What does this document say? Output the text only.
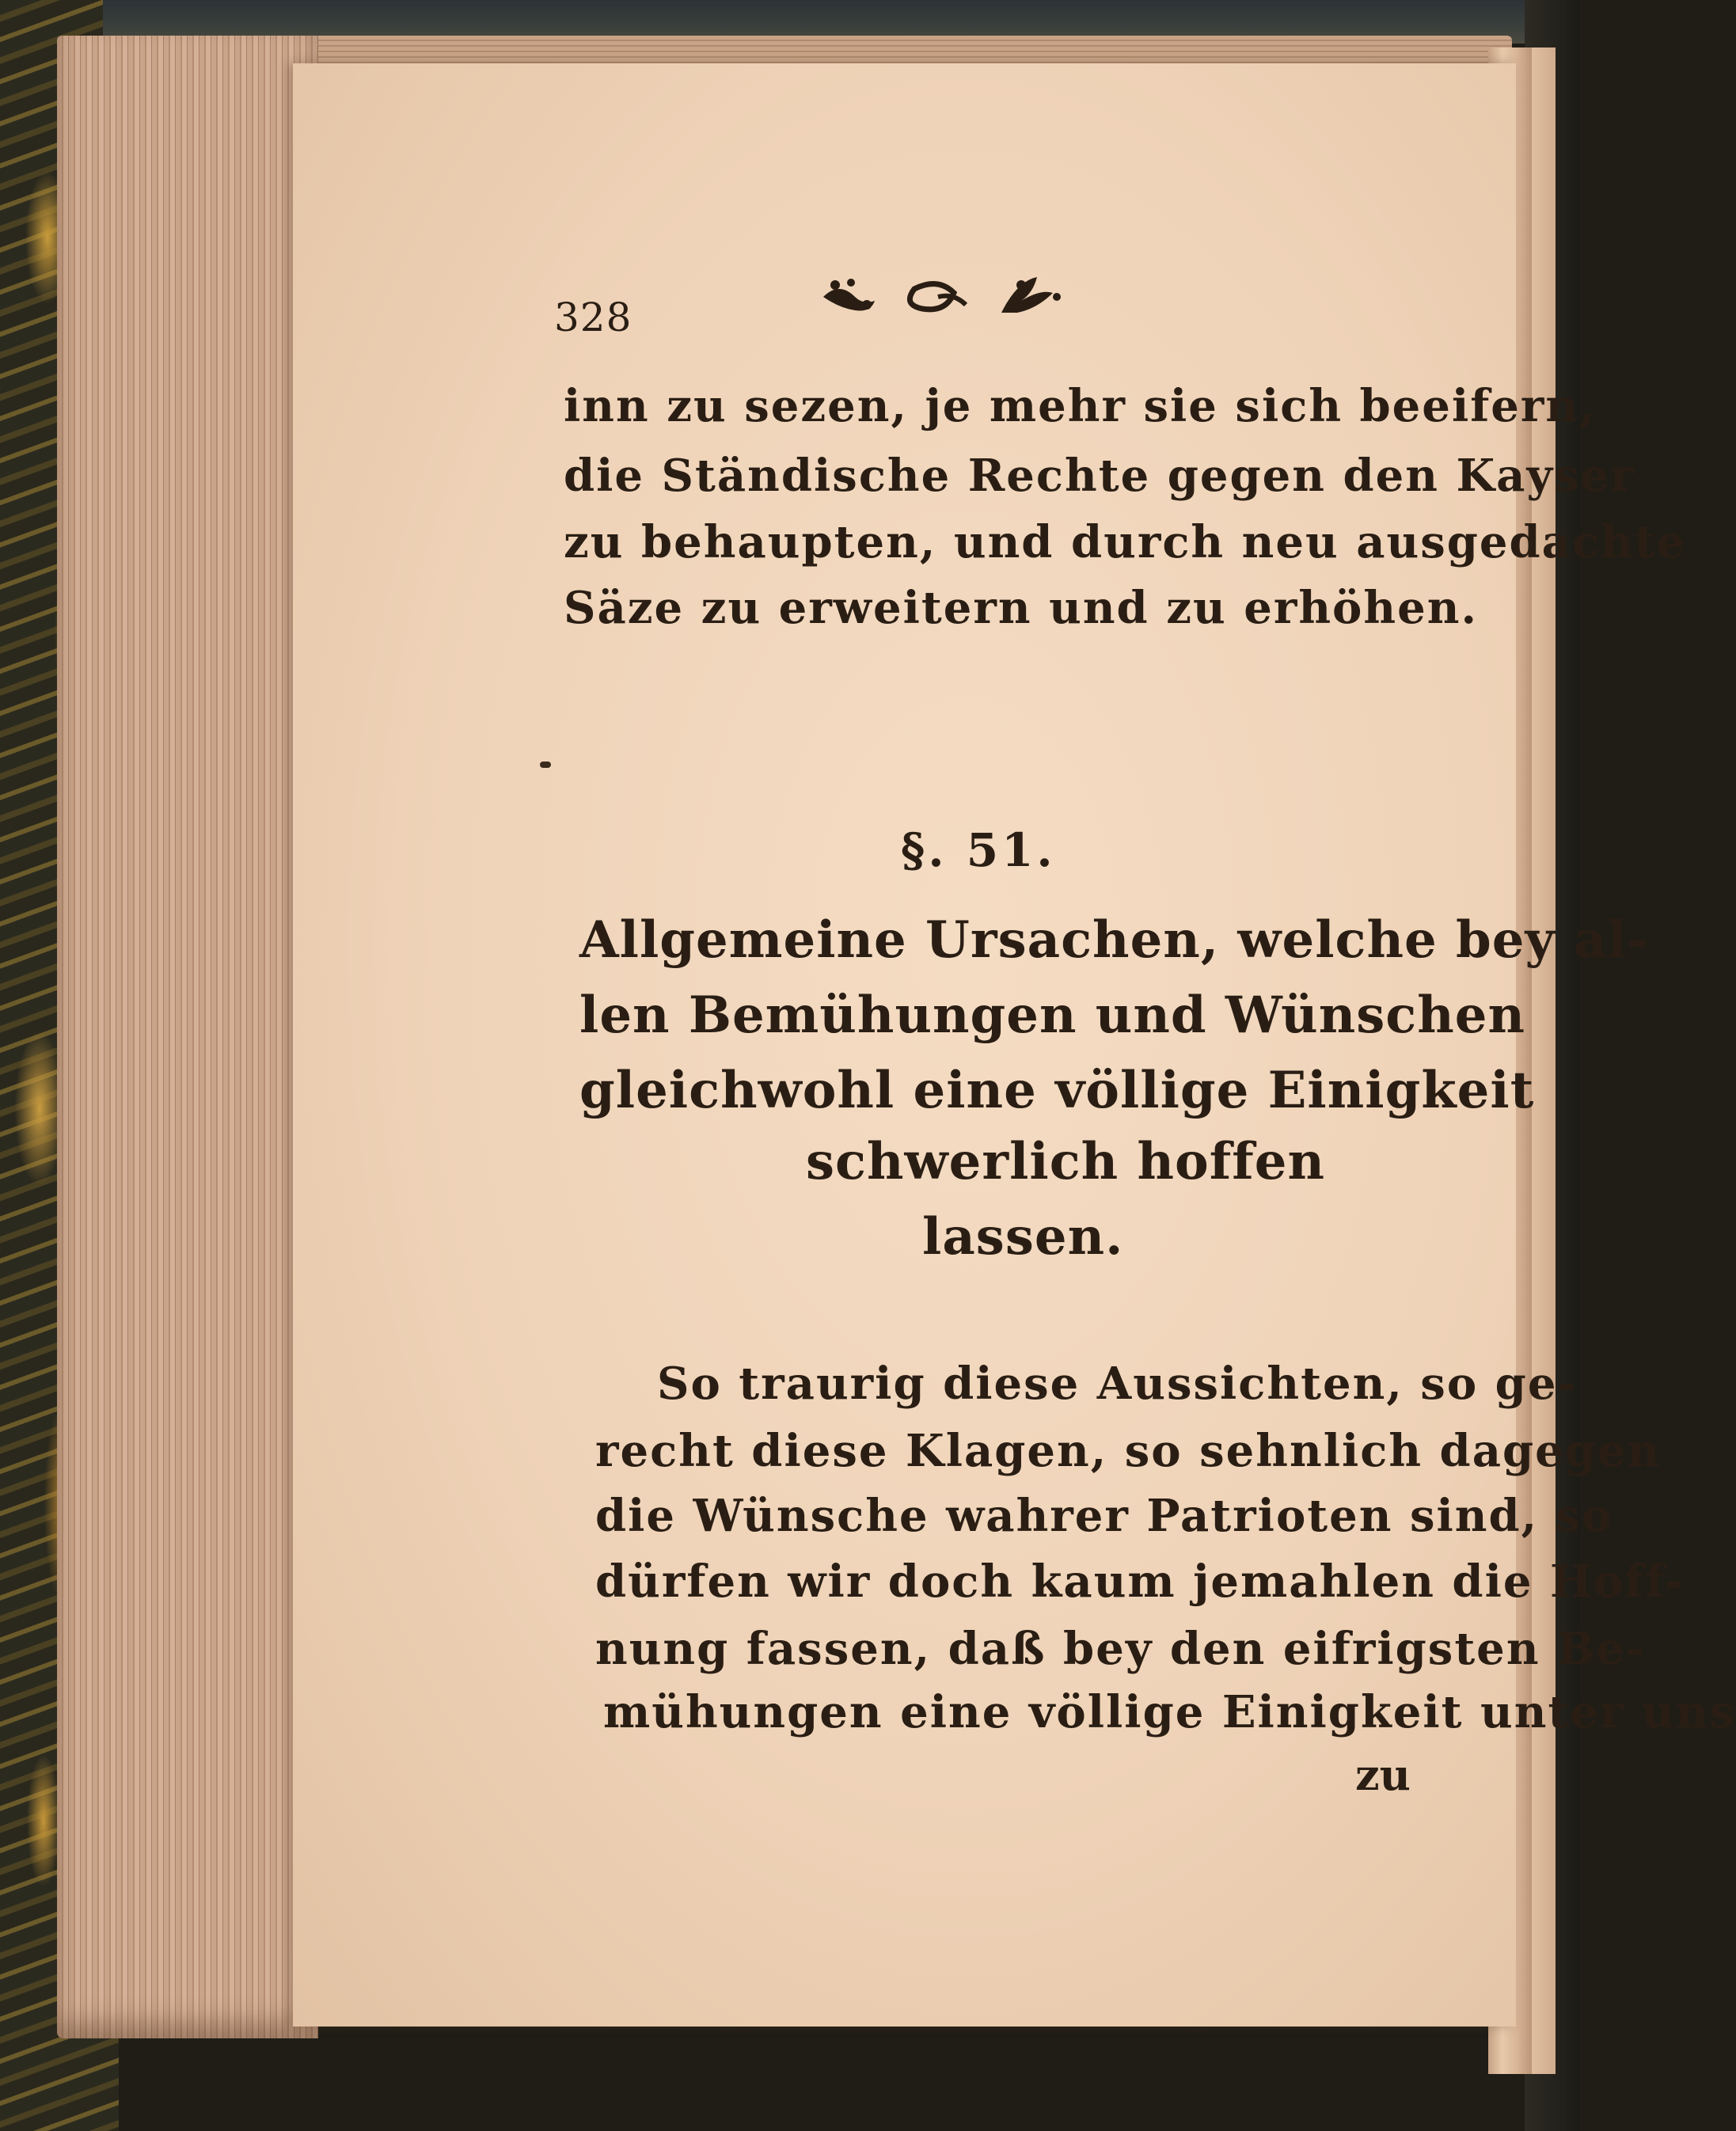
328
inn zu sezen, je mehr sie sich beeifern,
die Ständische Rechte gegen den Kayser
zu behaupten, und durch neu ausgedachte
Säze zu erweitern und zu erhöhen.
§. 51.
Allgemeine Ursachen, welche bey al-
len Bemühungen und Wünschen
gleichwohl eine völlige Einigkeit
schwerlich hoffen
lassen.
So traurig diese Aussichten, so ge-
recht diese Klagen, so sehnlich dagegen
die Wünsche wahrer Patrioten sind, so
dürfen wir doch kaum jemahlen die Hoff-
nung fassen, daß bey den eifrigsten Be-
mühungen eine völlige Einigkeit unter uns
zu
